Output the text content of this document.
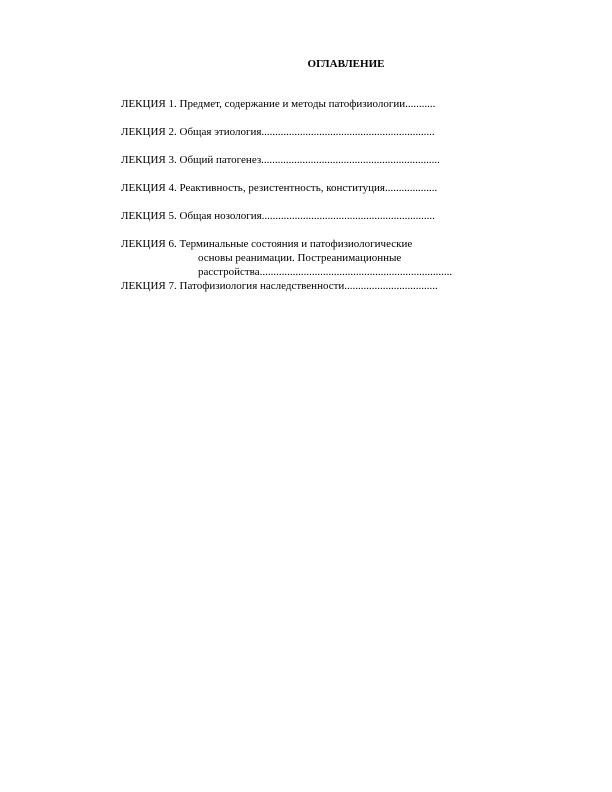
ОГЛАВЛЕНИЕ
ЛЕКЦИЯ 1. Предмет, содержание и методы патофизиологии...........
ЛЕКЦИЯ 2. Общая этиология...............................................................
ЛЕКЦИЯ 3. Общий патогенез.................................................................
ЛЕКЦИЯ 4. Реактивность, резистентность, конституция...................
ЛЕКЦИЯ 5. Общая нозология...............................................................
ЛЕКЦИЯ 6. Терминальные состояния и патофизиологические
основы реанимации. Постреанимационные
расстройства......................................................................
ЛЕКЦИЯ 7. Патофизиология наследственности..................................
